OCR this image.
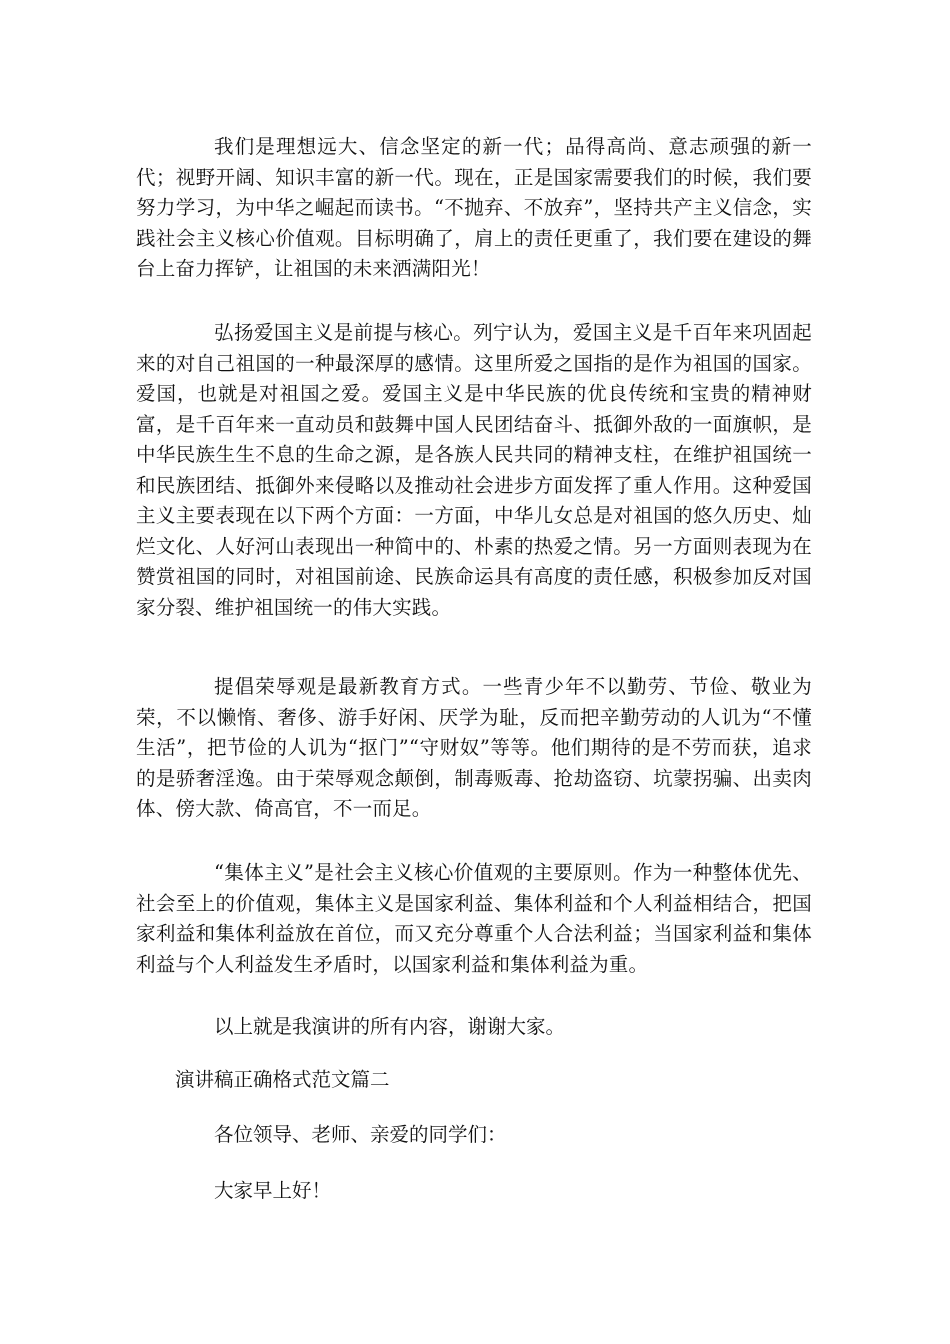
我们是理想远大、信念坚定的新一代；品得高尚、意志顽强的新一代；视野开阔、知识丰富的新一代。现在，正是国家需要我们的时候，我们要努力学习，为中华之崛起而读书。“不抛弃、不放弃”，坚持共产主义信念，实践社会主义核心价值观。目标明确了，肩上的责任更重了，我们要在建设的舞台上奋力挥铲，让祖国的未来洒满阳光！

弘扬爱国主义是前提与核心。列宁认为，爱国主义是千百年来巩固起来的对自己祖国的一种最深厚的感情。这里所爱之国指的是作为祖国的国家。爱国，也就是对祖国之爱。爱国主义是中华民族的优良传统和宝贵的精神财富，是千百年来一直动员和鼓舞中国人民团结奋斗、抵御外敌的一面旗帜，是中华民族生生不息的生命之源，是各族人民共同的精神支柱，在维护祖国统一和民族团结、抵御外来侵略以及推动社会进步方面发挥了重人作用。这种爱国主义主要表现在以下两个方面：一方面，中华儿女总是对祖国的悠久历史、灿烂文化、人好河山表现出一种简中的、朴素的热爱之情。另一方面则表现为在赞赏祖国的同时，对祖国前途、民族命运具有高度的责任感，积极参加反对国家分裂、维护祖国统一的伟大实践。

提倡荣辱观是最新教育方式。一些青少年不以勤劳、节俭、敬业为荣，不以懒惰、奢侈、游手好闲、厌学为耻，反而把辛勤劳动的人讥为“不懂生活”，把节俭的人讥为“抠门”“守财奴”等等。他们期待的是不劳而获，追求的是骄奢淫逸。由于荣辱观念颠倒，制毒贩毒、抢劫盗窃、坑蒙拐骗、出卖肉体、傍大款、倚高官，不一而足。

“集体主义”是社会主义核心价值观的主要原则。作为一种整体优先、社会至上的价值观，集体主义是国家利益、集体利益和个人利益相结合，把国家利益和集体利益放在首位，而又充分尊重个人合法利益；当国家利益和集体利益与个人利益发生矛盾时，以国家利益和集体利益为重。

以上就是我演讲的所有内容，谢谢大家。

演讲稿正确格式范文篇二

各位领导、老师、亲爱的同学们：

大家早上好！
